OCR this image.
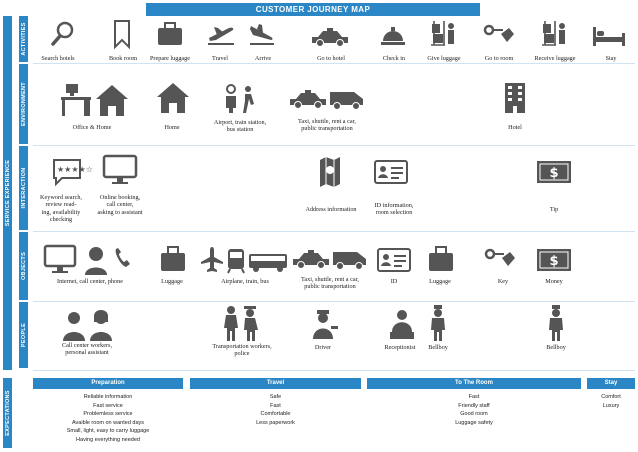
CUSTOMER JOURNEY MAP
SERVICE EXPERIENCE
EXPECTATIONS
ACTIVITIES
ENVIRONMENT
INTERACTION
OBJECTS
PEOPLE
Search hotels	Book room Prepare luggage	Travel	Arrive	Go to hotel	Check in	Give luggage	Go to room	Receive luggage	Stay
Office & Home	Home
Airport, train station,
bus station
Taxi, shuttle, rent a car,
public transportation	Hotel
★★★★☆
Keyword search,
review read-
ing, availability
checking
Online booking,
call center,
asking to assistant	Address information
ID information,
room selection
$
Tip
Internet, call center, phone	Luggage	Airplane, train, bus	Taxi, shuttle, rent a car,
public transportation
ID	Luggage	Key
$
Money
Call center workers,
personal assistant
Transportation workers,
police
Driver	Receptionist Bellboy	Bellboy
Preparation
Reliable information
Fast service
Problemless service
Avaible room on wanted days
Small, light, easy to carry luggage
Having everything needed
Travel
Safe
Fast
Comfortable
Less paperwork
To The Room
Fast
Friendly staff
Good room
Luggage safety
Stay
Comfort
Luxury
